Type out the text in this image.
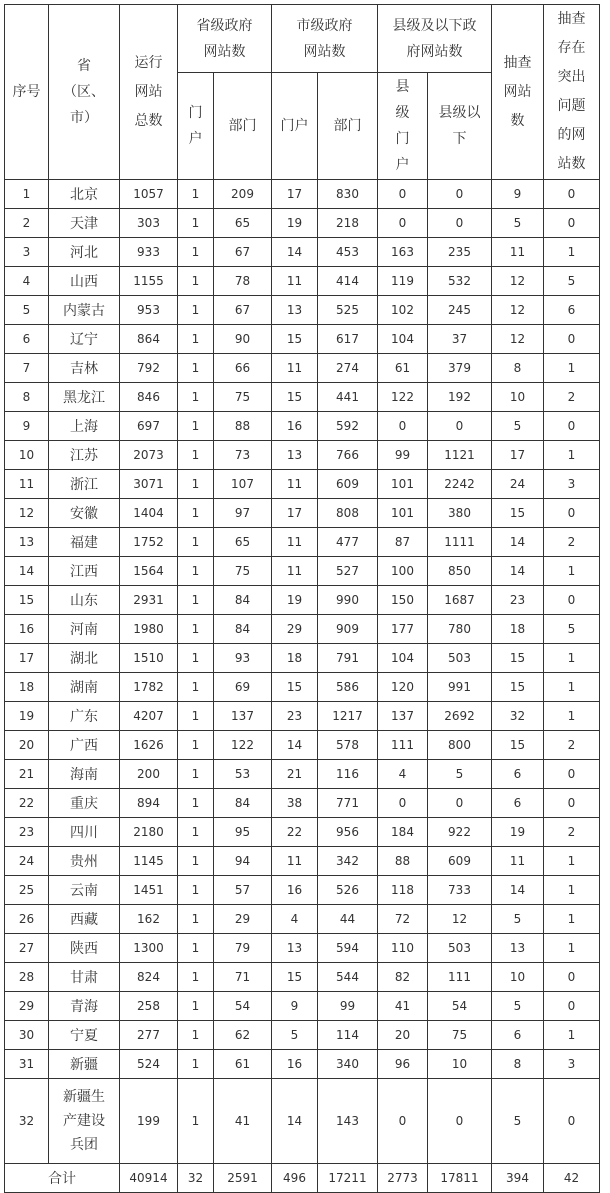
序号	省（区、市）	运行网站总数	省级政府网站数		市级政府网站数		县级及以下政府网站数		抽查网站数	抽查存在突出问题的网站数

			门户	部门	门户	部门	县级门户	县级以下		

1	北京	1057	1	209	17	830	0	0	9	0
2	天津	303	1	65	19	218	0	0	5	0
3	河北	933	1	67	14	453	163	235	11	1
4	山西	1155	1	78	11	414	119	532	12	5
5	内蒙古	953	1	67	13	525	102	245	12	6
6	辽宁	864	1	90	15	617	104	37	12	0
7	吉林	792	1	66	11	274	61	379	8	1
8	黑龙江	846	1	75	15	441	122	192	10	2
9	上海	697	1	88	16	592	0	0	5	0
10	江苏	2073	1	73	13	766	99	1121	17	1
11	浙江	3071	1	107	11	609	101	2242	24	3
12	安徽	1404	1	97	17	808	101	380	15	0
13	福建	1752	1	65	11	477	87	1111	14	2
14	江西	1564	1	75	11	527	100	850	14	1
15	山东	2931	1	84	19	990	150	1687	23	0
16	河南	1980	1	84	29	909	177	780	18	5
17	湖北	1510	1	93	18	791	104	503	15	1
18	湖南	1782	1	69	15	586	120	991	15	1
19	广东	4207	1	137	23	1217	137	2692	32	1
20	广西	1626	1	122	14	578	111	800	15	2
21	海南	200	1	53	21	116	4	5	6	0
22	重庆	894	1	84	38	771	0	0	6	0
23	四川	2180	1	95	22	956	184	922	19	2
24	贵州	1145	1	94	11	342	88	609	11	1
25	云南	1451	1	57	16	526	118	733	14	1
26	西藏	162	1	29	4	44	72	12	5	1
27	陕西	1300	1	79	13	594	110	503	13	1
28	甘肃	824	1	71	15	544	82	111	10	0
29	青海	258	1	54	9	99	41	54	5	0
30	宁夏	277	1	62	5	114	20	75	6	1
31	新疆	524	1	61	16	340	96	10	8	3
32	新疆生产建设兵团	199	1	41	14	143	0	0	5	0
合计		40914	32	2591	496	17211	2773	17811	394	42
